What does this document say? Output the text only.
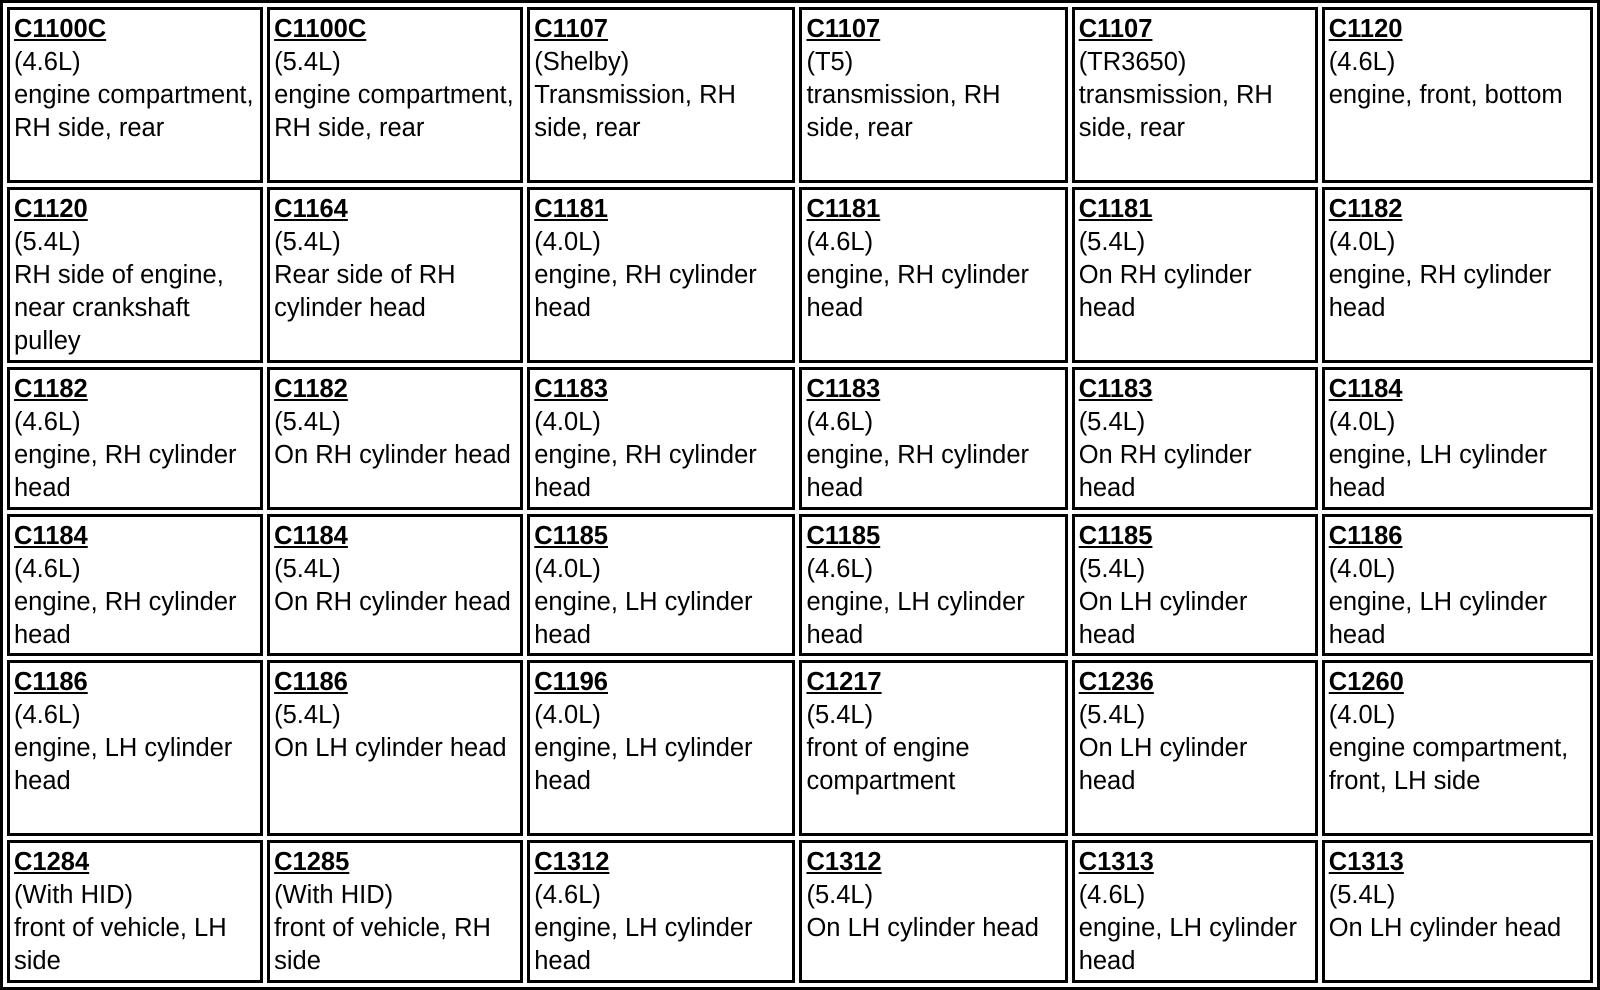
C1100C
(4.6L)
engine compartment, RH side, rear	C1100C
(5.4L)
engine compartment, RH side, rear	C1107
(Shelby)
Transmission, RH side, rear	C1107
(T5)
transmission, RH side, rear	C1107
(TR3650)
transmission, RH side, rear	C1120
(4.6L)
engine, front, bottom

C1120
(5.4L)
RH side of engine, near crankshaft pulley	C1164
(5.4L)
Rear side of RH cylinder head	C1181
(4.0L)
engine, RH cylinder head	C1181
(4.6L)
engine, RH cylinder head	C1181
(5.4L)
On RH cylinder head	C1182
(4.0L)
engine, RH cylinder head

C1182
(4.6L)
engine, RH cylinder head	C1182
(5.4L)
On RH cylinder head	C1183
(4.0L)
engine, RH cylinder head	C1183
(4.6L)
engine, RH cylinder head	C1183
(5.4L)
On RH cylinder head	C1184
(4.0L)
engine, LH cylinder head

C1184
(4.6L)
engine, RH cylinder head	C1184
(5.4L)
On RH cylinder head	C1185
(4.0L)
engine, LH cylinder head	C1185
(4.6L)
engine, LH cylinder head	C1185
(5.4L)
On LH cylinder head	C1186
(4.0L)
engine, LH cylinder head

C1186
(4.6L)
engine, LH cylinder head	C1186
(5.4L)
On LH cylinder head	C1196
(4.0L)
engine, LH cylinder head	C1217
(5.4L)
front of engine compartment	C1236
(5.4L)
On LH cylinder head	C1260
(4.0L)
engine compartment, front, LH side

C1284
(With HID)
front of vehicle, LH side	C1285
(With HID)
front of vehicle, RH side	C1312
(4.6L)
engine, LH cylinder head	C1312
(5.4L)
On LH cylinder head	C1313
(4.6L)
engine, LH cylinder head	C1313
(5.4L)
On LH cylinder head
